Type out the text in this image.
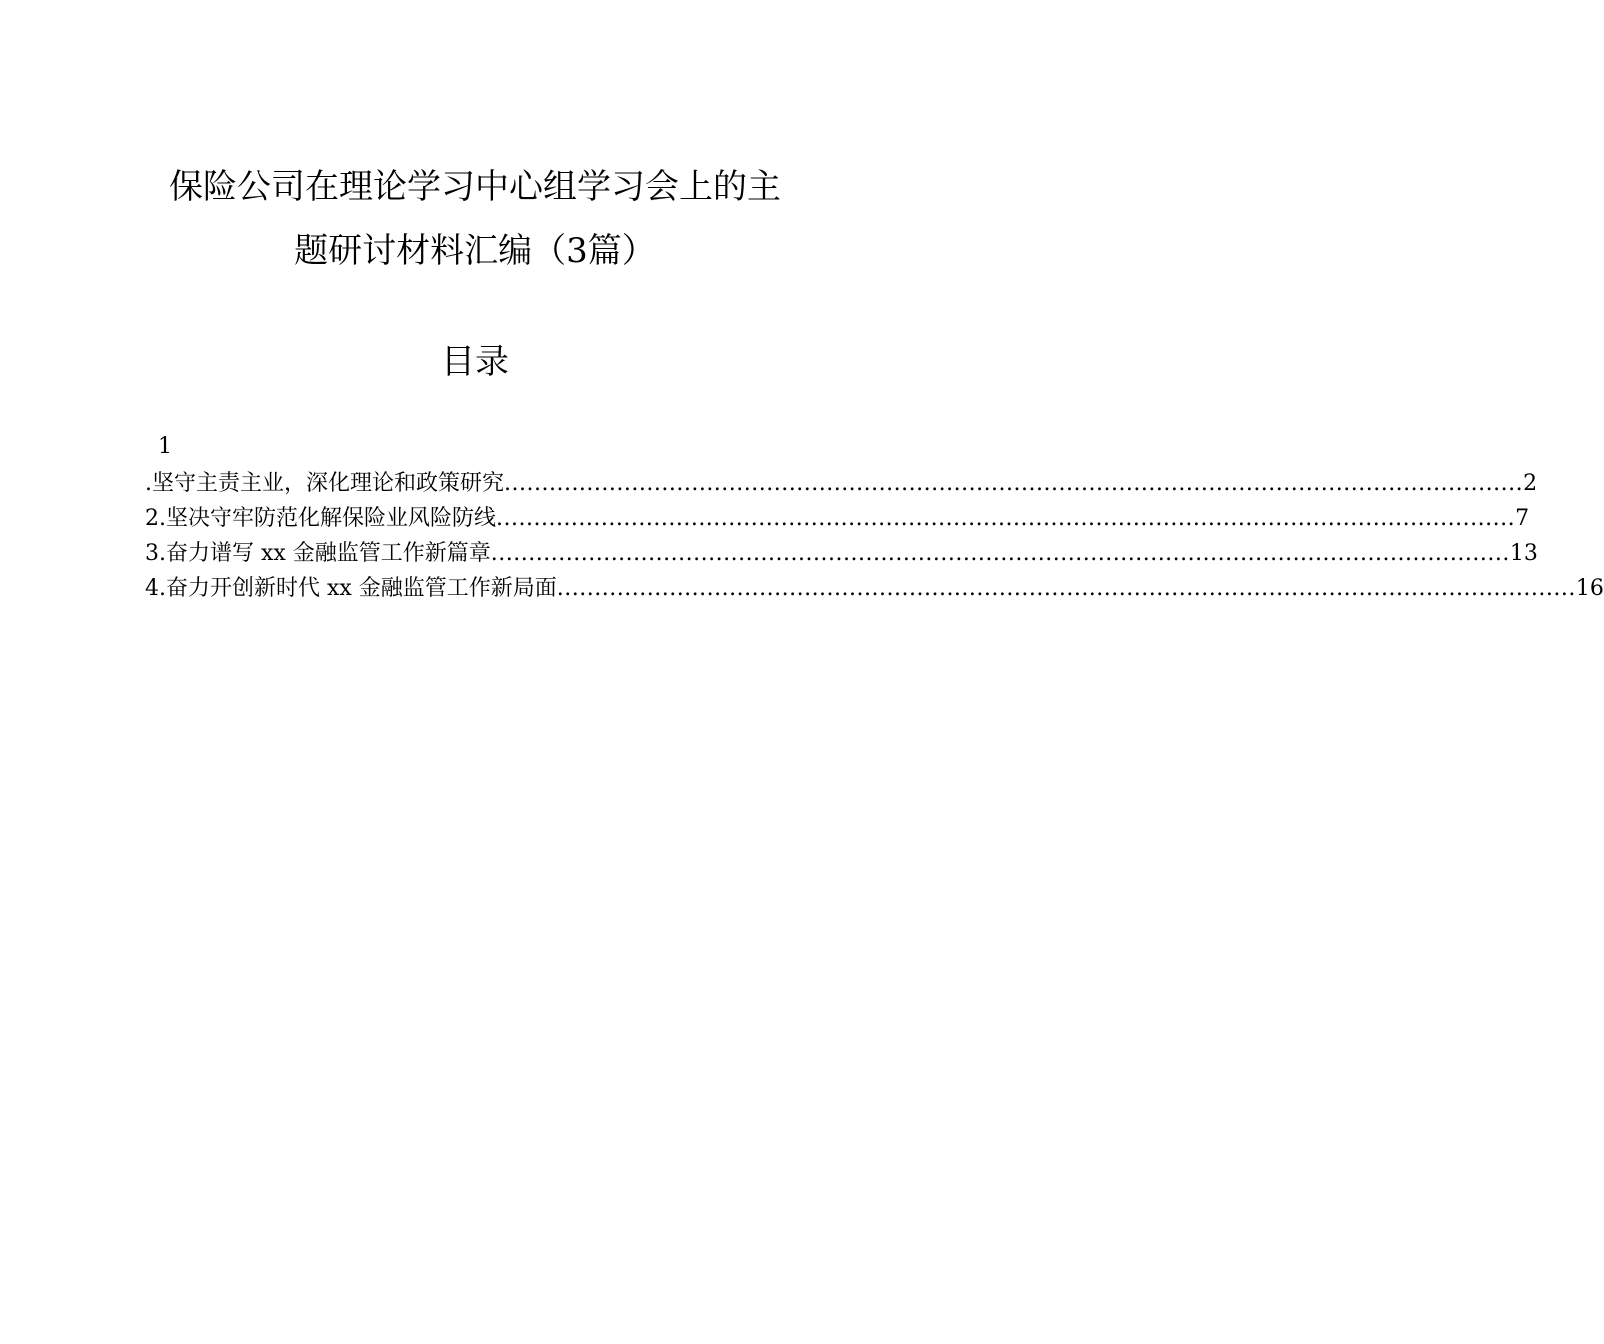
保险公司在理论学习中心组学习会上的主
题研讨材料汇编（3篇）
目录
1
.坚守主责主业，深化理论和政策研究 ........................................................................................................................................ 2
2.坚决守牢防范化解保险业风险防线 ........................................................................................................................................ 7
3.奋力谱写 xx 金融监管工作新篇章 ........................................................................................................................................ 13
4.奋力开创新时代 xx 金融监管工作新局面 ........................................................................................................................................ 16
